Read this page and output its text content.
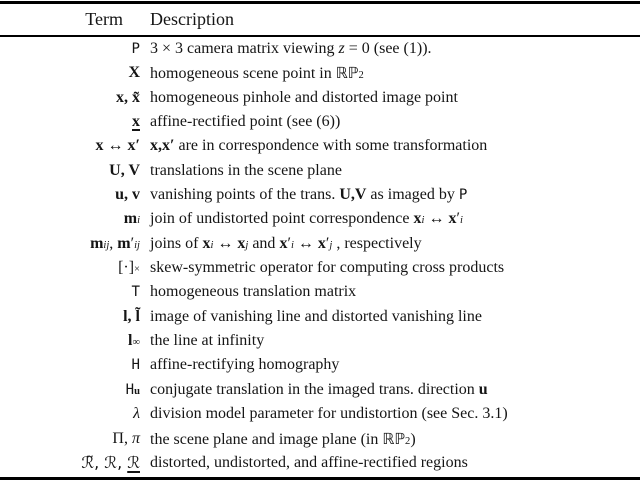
Term	Description
P 3 × 3 camera matrix viewing z = 0 (see (1)).
X homogeneous scene point in ℝℙ$^2$
x, x̃ homogeneous pinhole and distorted image point
x affine-rectified point (see (6))
x ↔ x′ x,x′ are in correspondence with some transformation
U, V translations in the scene plane
u, v vanishing points of the trans. U,V as imaged by P
mi join of undistorted point correspondence xi ↔ x′i
mij, m′ij joins of xi ↔ xj and x′i ↔ x′j , respectively
[·]× skew-symmetric operator for computing cross products
T homogeneous translation matrix
l, l̃ image of vanishing line and distorted vanishing line
l∞ the line at infinity
H affine-rectifying homography
Hu conjugate translation in the imaged trans. direction u
λ division model parameter for undistortion (see Sec. 3.1)
Π, π the scene plane and image plane (in ℝℙ$^2$)
ℛ̃, ℛ, ℛ distorted, undistorted, and affine-rectified regions
